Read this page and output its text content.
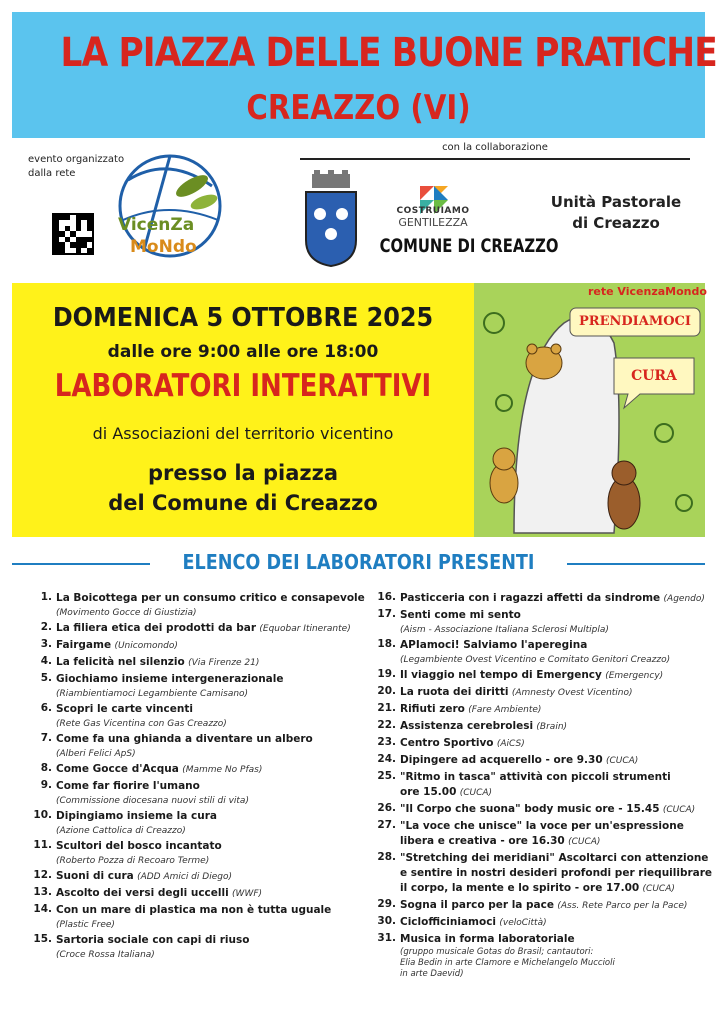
LA PIAZZA DELLE BUONE PRATICHE
CREAZZO (VI)
evento organizzato
dalla rete
VicenZa
MoNdo
con la collaborazione
COSTRUIAMO
GENTILEZZA
COMUNE DI CREAZZO
Unità Pastorale
di Creazzo
DOMENICA 5 OTTOBRE 2025
dalle ore 9:00 alle ore 18:00
LABORATORI INTERATTIVI
di Associazioni del territorio vicentino
presso la piazza
del Comune di Creazzo
rete VicenzaMondo
PRENDIAMOCI
CURA
ELENCO DEI LABORATORI PRESENTI
1. La Boicottega per un consumo critico e consapevole
(Movimento Gocce di Giustizia)
2. La filiera etica dei prodotti da bar (Equobar Itinerante)
3. Fairgame (Unicomondo)
4. La felicità nel silenzio (Via Firenze 21)
5. Giochiamo insieme intergenerazionale
(Riambientiamoci Legambiente Camisano)
6. Scopri le carte vincenti
(Rete Gas Vicentina con Gas Creazzo)
7. Come fa una ghianda a diventare un albero
(Alberi Felici ApS)
8. Come Gocce d'Acqua (Mamme No Pfas)
9. Come far fiorire l'umano
(Commissione diocesana nuovi stili di vita)
10. Dipingiamo insieme la cura
(Azione Cattolica di Creazzo)
11. Scultori del bosco incantato
(Roberto Pozza di Recoaro Terme)
12. Suoni di cura (ADD Amici di Diego)
13. Ascolto dei versi degli uccelli (WWF)
14. Con un mare di plastica ma non è tutta uguale
(Plastic Free)
15. Sartoria sociale con capi di riuso
(Croce Rossa Italiana)
16. Pasticceria con i ragazzi affetti da sindrome (Agendo)
17. Senti come mi sento
(Aism - Associazione Italiana Sclerosi Multipla)
18. APIamoci! Salviamo l'aperegina
(Legambiente Ovest Vicentino e Comitato Genitori Creazzo)
19. Il viaggio nel tempo di Emergency (Emergency)
20. La ruota dei diritti (Amnesty Ovest Vicentino)
21. Rifiuti zero (Fare Ambiente)
22. Assistenza cerebrolesi (Brain)
23. Centro Sportivo (AiCS)
24. Dipingere ad acquerello - ore 9.30 (CUCA)
25. "Ritmo in tasca" attività con piccoli strumenti
ore 15.00 (CUCA)
26. "Il Corpo che suona" body music ore - 15.45 (CUCA)
27. "La voce che unisce" la voce per un'espressione
libera e creativa - ore 16.30 (CUCA)
28. "Stretching dei meridiani" Ascoltarci con attenzione
e sentire in nostri desideri profondi per riequilibrare
il corpo, la mente e lo spirito - ore 17.00 (CUCA)
29. Sogna il parco per la pace (Ass. Rete Parco per la Pace)
30. Ciclofficiniamoci (veloCittà)
31. Musica in forma laboratoriale
(gruppo musicale Gotas do Brasil; cantautori:
Elia Bedin in arte Clamore e Michelangelo Muccioli
in arte Daevid)
